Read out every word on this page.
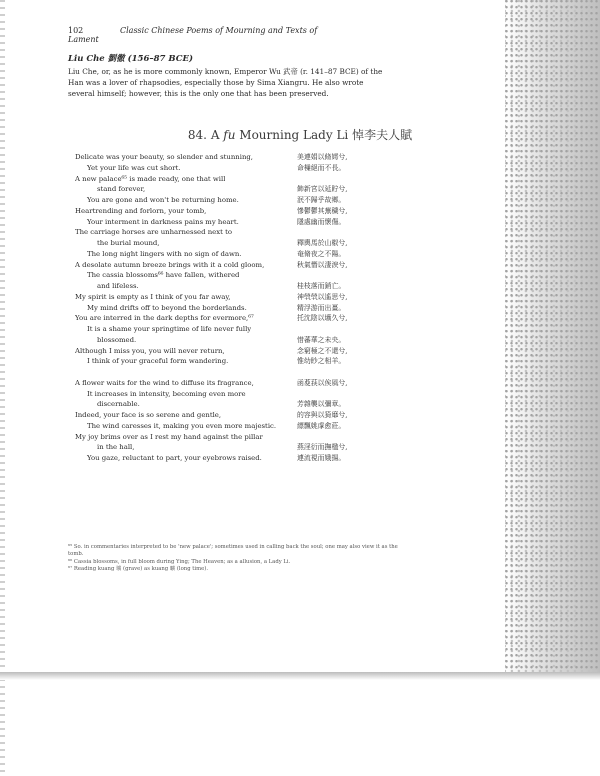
102	Classic Chinese Poems of Mourning and Texts of Lament
Liu Che 劉徹 (156–87 BCE)

Liu Che, or, as he is more commonly known, Emperor Wu 武帝 (r. 141–87 BCE) of the Han was a lover of rhapsodies, especially those by Sima Xiangru. He also wrote several himself; however, this is the only one that has been preserved.

84. A fu Mourning Lady Li 悼李夫人賦
Delicate was your beauty, so slender and stunning,	美連娟以脩嫮兮,
Yet your life was cut short.	命樔絕而不長。
A new palace⁶⁵ is made ready, one that will
stand forever,	飾新宮以延貯兮,
You are gone and won't be returning home.	泯不歸乎故鄉。
Heartrending and forlorn, your tomb,	慘鬱鬱其蕪穢兮,
Your interment in darkness pains my heart.	隱處幽而懷傷。
The carriage horses are unharnessed next to
the burial mound,	釋輿馬於山椒兮,
The long night lingers with no sign of dawn.	奄脩夜之不陽。
A desolate autumn breeze brings with it a cold gloom,	秋氣憯以淒淚兮,
The cassia blossoms⁶⁶ have fallen, withered
and lifeless.	桂枝落而銷亡。
My spirit is empty as I think of you far away,	神煢煢以遙思兮,
My mind drifts off to beyond the borderlands.	精浮游而出畺。
You are interred in the dark depths for evermore,⁶⁷	托沈陰以壙久兮,
It is a shame your springtime of life never fully
blossomed.	惜蕃華之未央。
Although I miss you, you will never return,	念窮極之不還兮,
I think of your graceful form wandering.	惟幼眇之相羊。
A flower waits for the wind to diffuse its fragrance,	函荾荴以俟風兮,
It increases in intensity, becoming even more
discernable.	芳雜襲以彌章。
Indeed, your face is so serene and gentle,	的容與以猗靡兮,
The wind caresses it, making you even more majestic.	縹飄姚虖愈莊。
My joy brims over as I rest my hand against the pillar
in the hall,	燕淫衍而撫楹兮,
You gaze, reluctant to part, your eyebrows raised.	連流視而娥揚。

⁶⁵ So. in commentaries interpreted to be 'new palace'; sometimes used in calling back the soul; one may also view it as the tomb.

⁶⁶ Cassia blossoms, in full bloom during Ying; The Heaven; as a allusion, a Lady Li.

⁶⁷ Reading kuang 壙 (grave) as kuang 曠 (long time).
